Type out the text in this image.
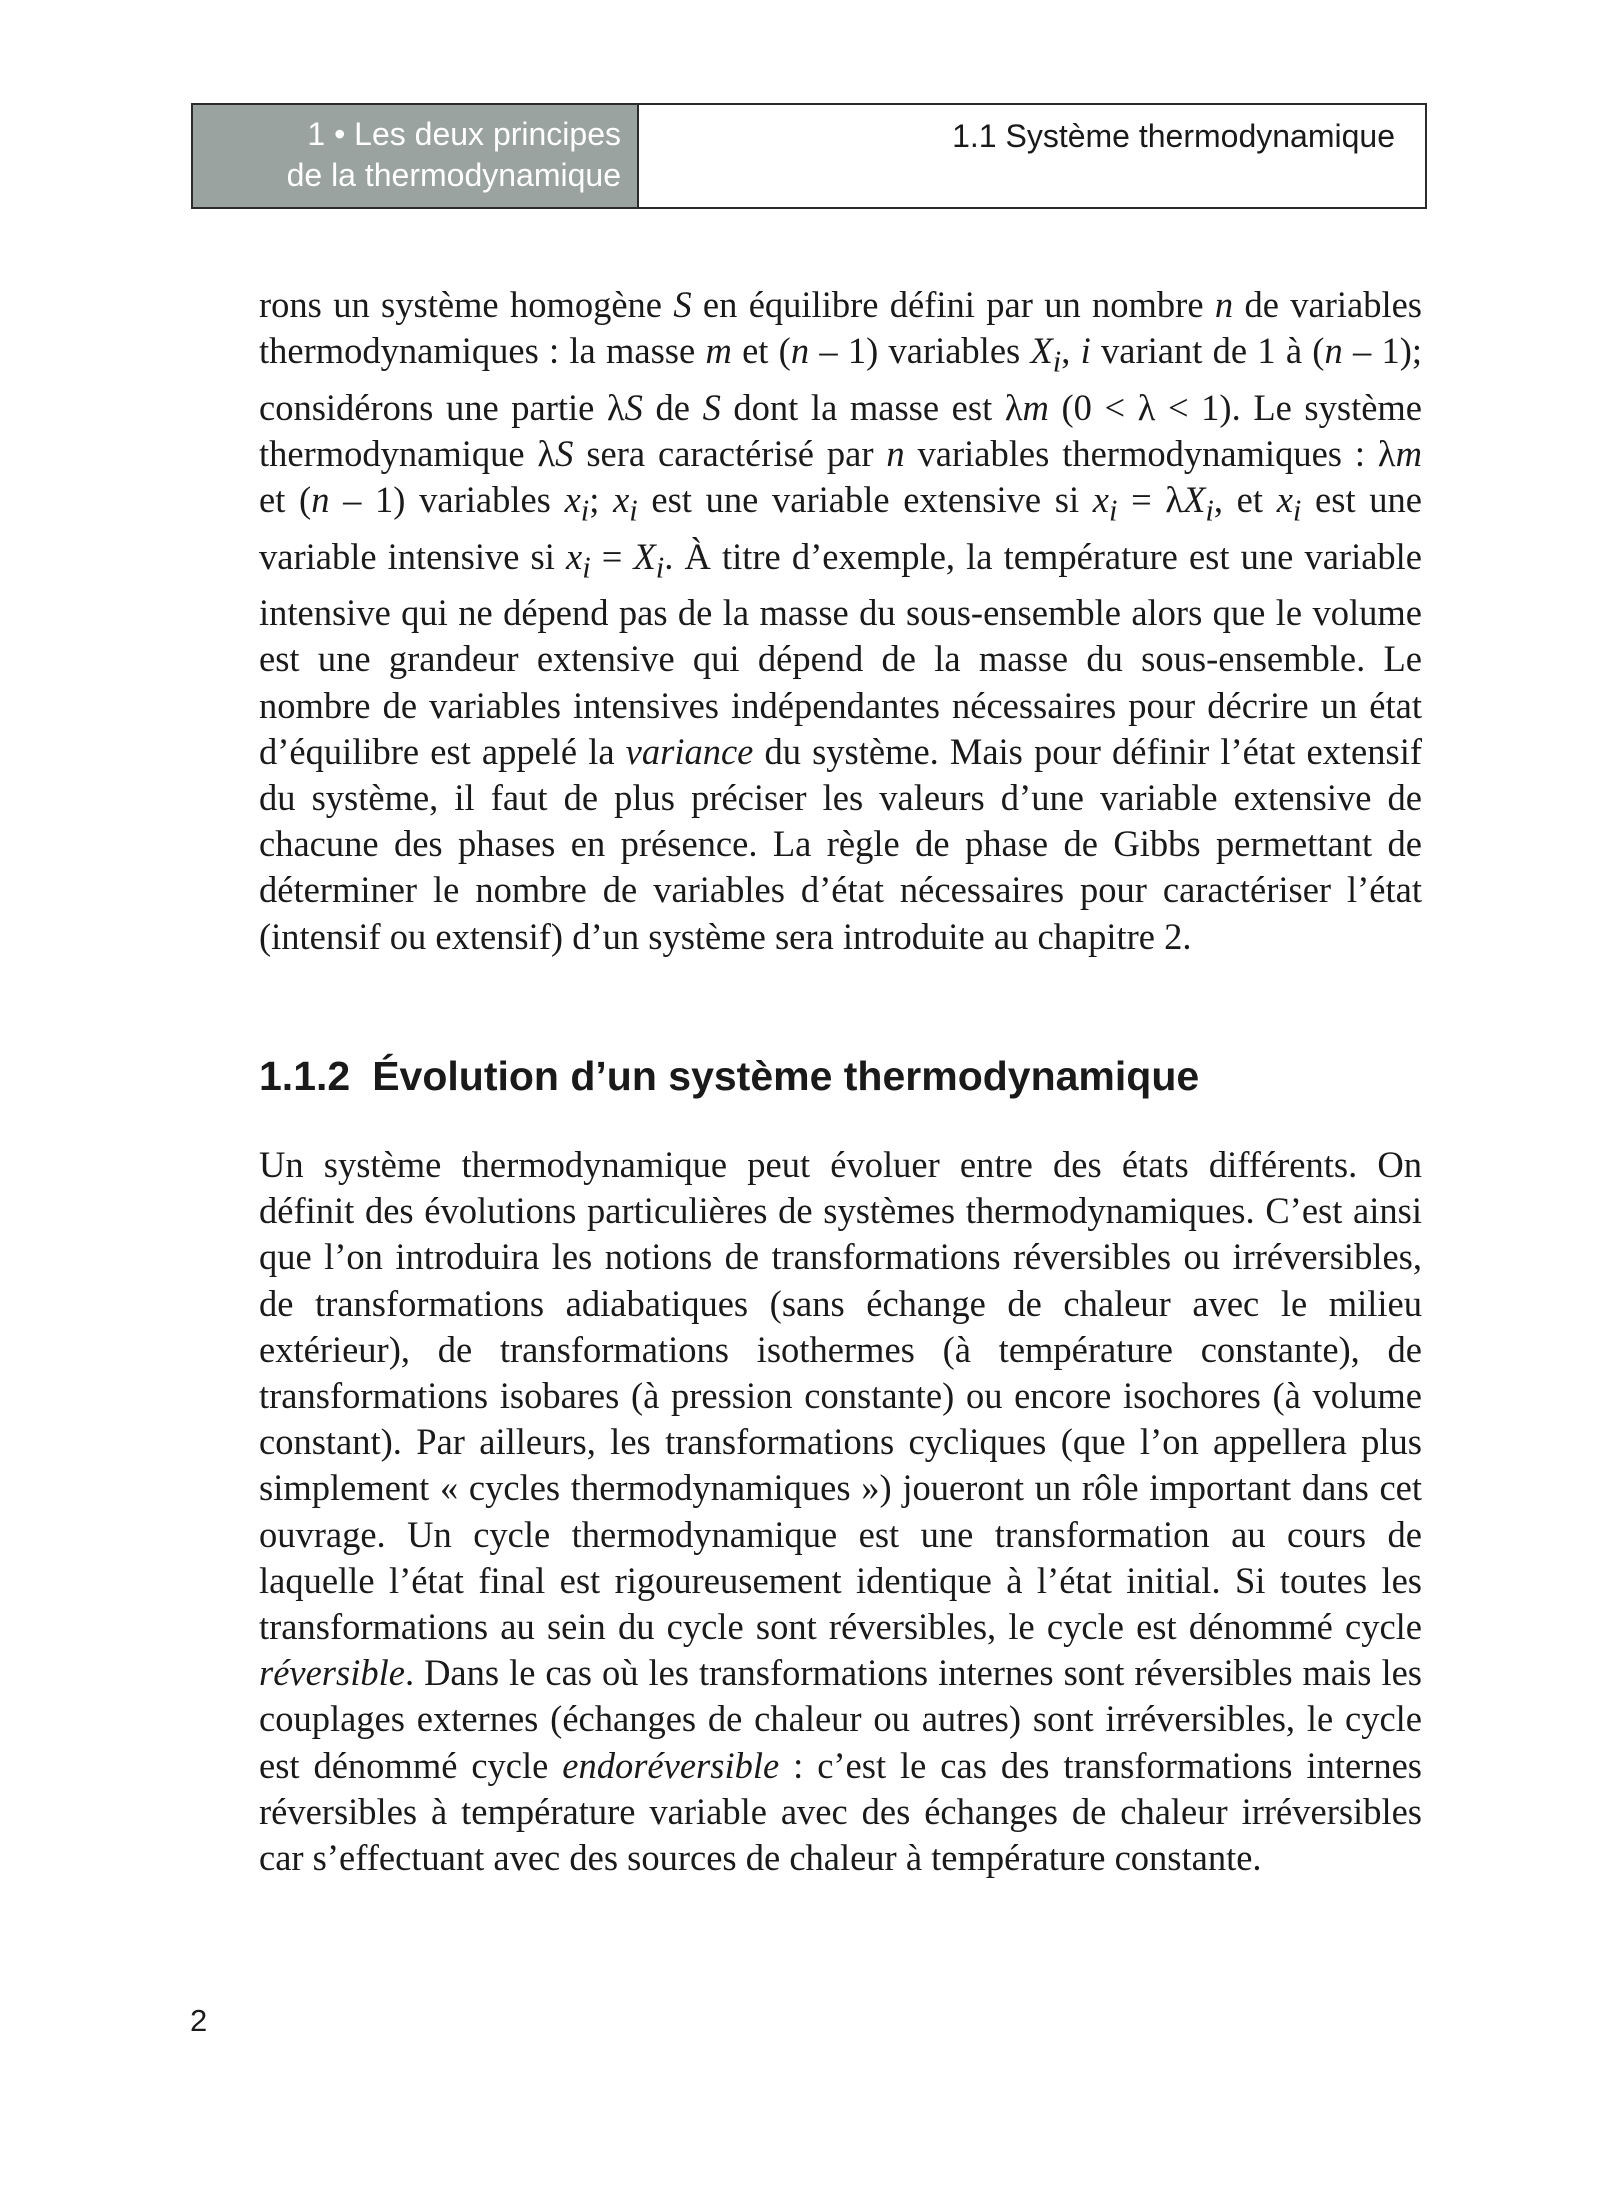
1 • Les deux principes
de la thermodynamique
1.1 Système thermodynamique

rons un système homogène S en équilibre défini par un nombre n de variables thermodynamiques : la masse m et (n – 1) variables $X_i$, i variant de 1 à (n – 1); considérons une partie λS de S dont la masse est λm (0 < λ < 1). Le système thermodynamique λS sera caractérisé par n variables thermodynamiques : λm et (n – 1) variables $x_i$; $x_i$ est une variable extensive si $x_i = \lambda X_i$, et $x_i$ est une variable intensive si $x_i = X_i$. À titre d’exemple, la température est une variable intensive qui ne dépend pas de la masse du sous-ensemble alors que le volume est une grandeur extensive qui dépend de la masse du sous-ensemble. Le nombre de variables intensives indépendantes nécessaires pour décrire un état d’équilibre est appelé la variance du système. Mais pour définir l’état extensif du système, il faut de plus préciser les valeurs d’une variable extensive de chacune des phases en présence. La règle de phase de Gibbs permettant de déterminer le nombre de variables d’état nécessaires pour caractériser l’état (intensif ou extensif) d’un système sera introduite au chapitre 2.

1.1.2 Évolution d’un système thermodynamique

Un système thermodynamique peut évoluer entre des états différents. On définit des évolutions particulières de systèmes thermodynamiques. C’est ainsi que l’on introduira les notions de transformations réversibles ou irréversibles, de transformations adiabatiques (sans échange de chaleur avec le milieu extérieur), de transformations isothermes (à température constante), de transformations isobares (à pression constante) ou encore isochores (à volume constant). Par ailleurs, les transformations cycliques (que l’on appellera plus simplement « cycles thermodynamiques ») joueront un rôle important dans cet ouvrage. Un cycle thermodynamique est une transformation au cours de laquelle l’état final est rigoureusement identique à l’état initial. Si toutes les transformations au sein du cycle sont réversibles, le cycle est dénommé cycle réversible. Dans le cas où les transformations internes sont réversibles mais les couplages externes (échanges de chaleur ou autres) sont irréversibles, le cycle est dénommé cycle endoréversible : c’est le cas des transformations internes réversibles à température variable avec des échanges de chaleur irréversibles car s’effectuant avec des sources de chaleur à température constante.

2
